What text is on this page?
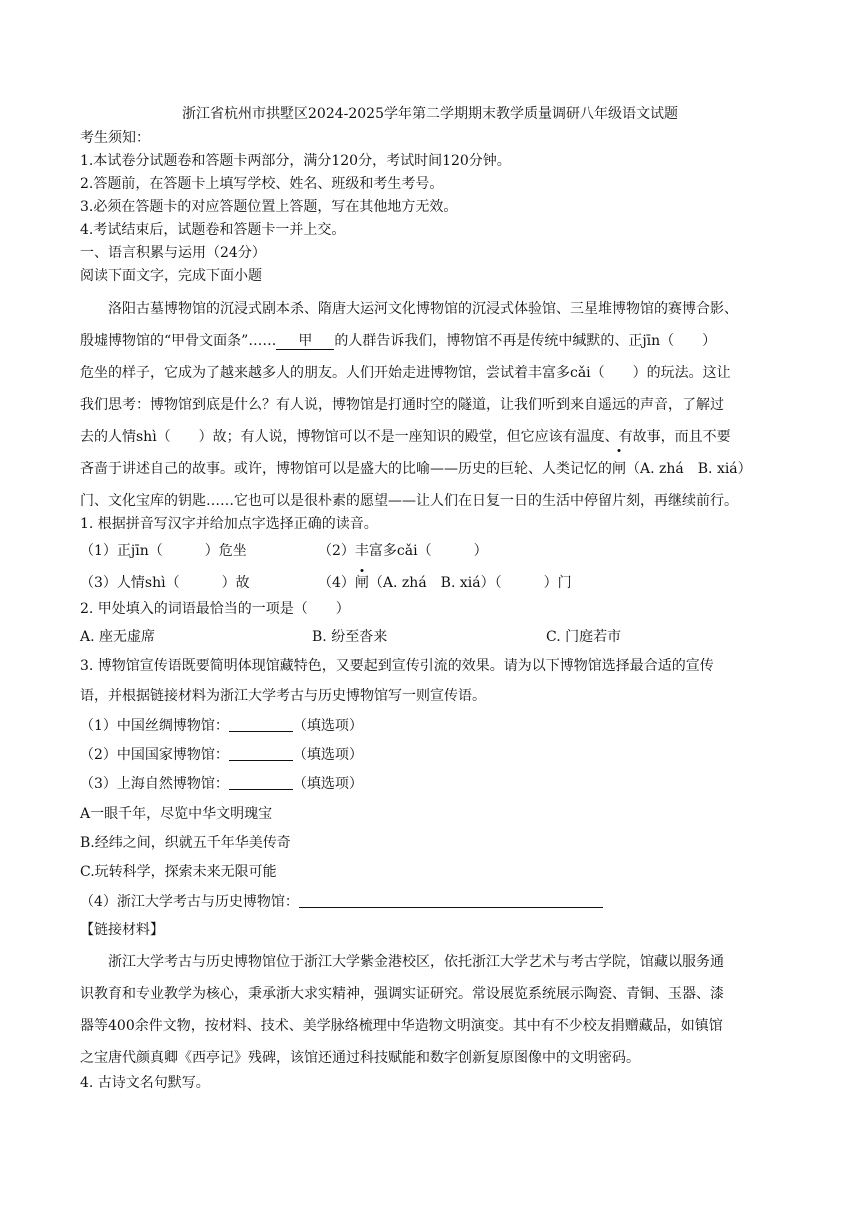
浙江省杭州市拱墅区2024-2025学年第二学期期末教学质量调研八年级语文试题
考生须知：
1.本试卷分试题卷和答题卡两部分，满分120分，考试时间120分钟。
2.答题前，在答题卡上填写学校、姓名、班级和考生考号。
3.必须在答题卡的对应答题位置上答题，写在其他地方无效。
4.考试结束后，试题卷和答题卡一并上交。
一、语言积累与运用（24分）
阅读下面文字，完成下面小题
洛阳古墓博物馆的沉浸式剧本杀、隋唐大运河文化博物馆的沉浸式体验馆、三星堆博物馆的赛博合影、
殷墟博物馆的“甲骨文面条”…… 甲 的人群告诉我们，博物馆不再是传统中缄默的、正jīn（　　）
危坐的样子，它成为了越来越多人的朋友。人们开始走进博物馆，尝试着丰富多cǎi（　　）的玩法。这让
我们思考：博物馆到底是什么？有人说，博物馆是打通时空的隧道，让我们听到来自遥远的声音，了解过
去的人情shì（　　）故；有人说，博物馆可以不是一座知识的殿堂，但它应该有温度、有故事，而且不要
吝啬于讲述自己的故事。或许，博物馆可以是盛大的比喻——历史的巨轮、人类记忆的闸（A. zhá　B. xiá）
门、文化宝库的钥匙……它也可以是很朴素的愿望——让人们在日复一日的生活中停留片刻，再继续前行。
1. 根据拼音写汉字并给加点字选择正确的读音。
（1）正jīn（　　　）危坐	（2）丰富多cǎi（　　　）
（3）人情shì（　　　）故	（4）闸（A. zhá　B. xiá）（　　　）门
2. 甲处填入的词语最恰当的一项是（　　）
A. 座无虚席	B. 纷至沓来	C. 门庭若市
3. 博物馆宣传语既要简明体现馆藏特色，又要起到宣传引流的效果。请为以下博物馆选择最合适的宣传
语，并根据链接材料为浙江大学考古与历史博物馆写一则宣传语。
（1）中国丝绸博物馆：	（填选项）
（2）中国国家博物馆：	（填选项）
（3）上海自然博物馆：	（填选项）
A一眼千年，尽览中华文明瑰宝
B.经纬之间，织就五千年华美传奇
C.玩转科学，探索未来无限可能
（4）浙江大学考古与历史博物馆：
【链接材料】
浙江大学考古与历史博物馆位于浙江大学紫金港校区，依托浙江大学艺术与考古学院，馆藏以服务通
识教育和专业教学为核心，秉承浙大求实精神，强调实证研究。常设展览系统展示陶瓷、青铜、玉器、漆
器等400余件文物，按材料、技术、美学脉络梳理中华造物文明演变。其中有不少校友捐赠藏品，如镇馆
之宝唐代颜真卿《西亭记》残碑，该馆还通过科技赋能和数字创新复原图像中的文明密码。
4. 古诗文名句默写。
